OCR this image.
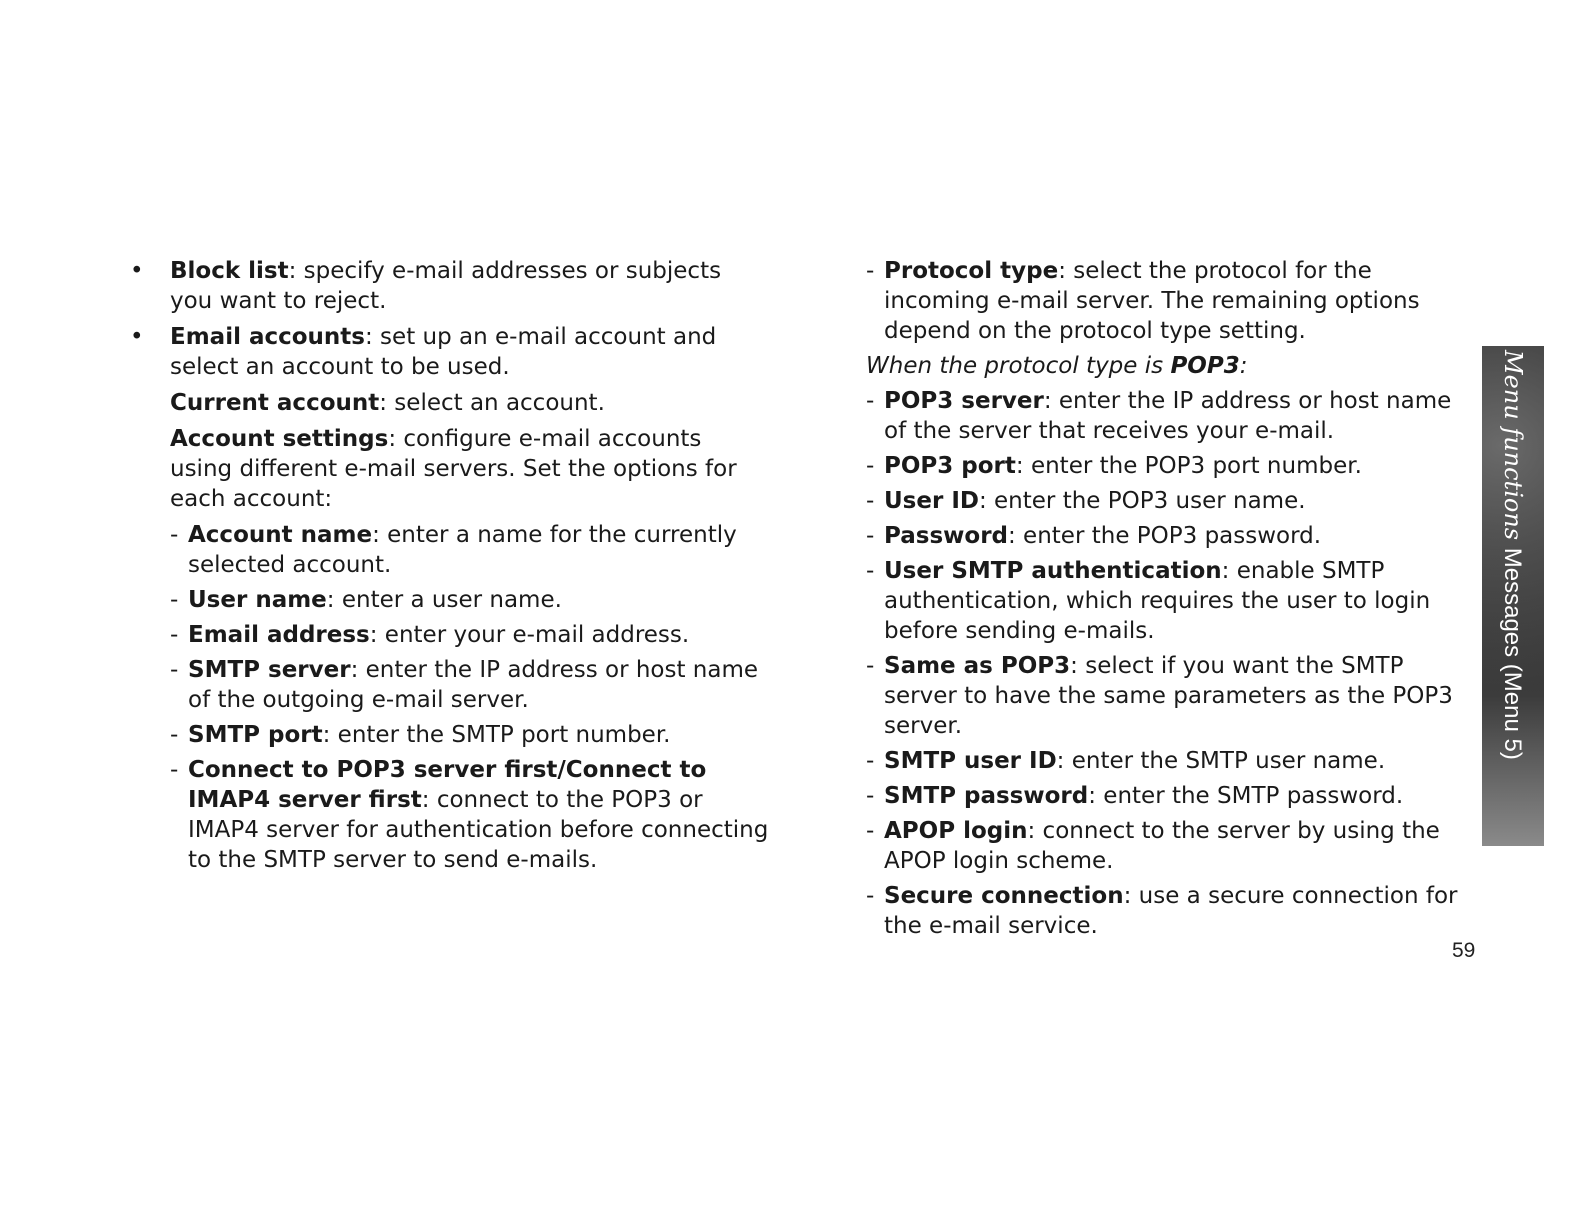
• Block list: specify e-mail addresses or subjects you want to reject.
• Email accounts: set up an e-mail account and select an account to be used.
Current account: select an account.
Account settings: configure e-mail accounts using different e-mail servers. Set the options for each account:
- Account name: enter a name for the currently selected account.
- User name: enter a user name.
- Email address: enter your e-mail address.
- SMTP server: enter the IP address or host name of the outgoing e-mail server.
- SMTP port: enter the SMTP port number.
- Connect to POP3 server first/Connect to IMAP4 server first: connect to the POP3 or IMAP4 server for authentication before connecting to the SMTP server to send e-mails.
- Protocol type: select the protocol for the incoming e-mail server. The remaining options depend on the protocol type setting.
When the protocol type is POP3:
- POP3 server: enter the IP address or host name of the server that receives your e-mail.
- POP3 port: enter the POP3 port number.
- User ID: enter the POP3 user name.
- Password: enter the POP3 password.
- User SMTP authentication: enable SMTP authentication, which requires the user to login before sending e-mails.
- Same as POP3: select if you want the SMTP server to have the same parameters as the POP3 server.
- SMTP user ID: enter the SMTP user name.
- SMTP password: enter the SMTP password.
- APOP login: connect to the server by using the APOP login scheme.
- Secure connection: use a secure connection for the e-mail service.
Menu functions Messages (Menu 5)
59
